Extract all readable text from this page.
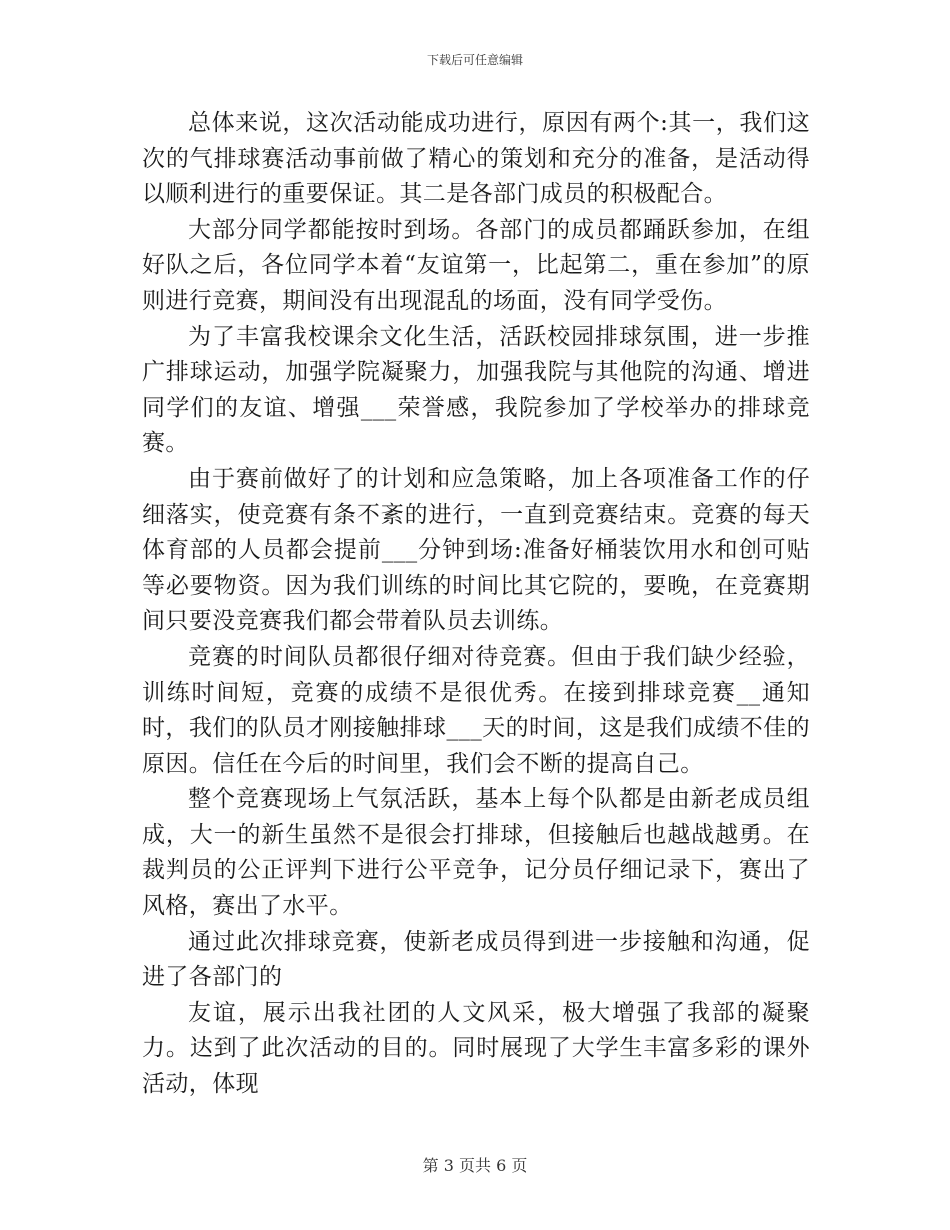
下载后可任意编辑

总体来说，这次活动能成功进行，原因有两个:其一，我们这次的气排球赛活动事前做了精心的策划和充分的准备，是活动得以顺利进行的重要保证。其二是各部门成员的积极配合。

大部分同学都能按时到场。各部门的成员都踊跃参加，在组好队之后，各位同学本着“友谊第一，比起第二，重在参加”的原则进行竞赛，期间没有出现混乱的场面，没有同学受伤。

为了丰富我校课余文化生活，活跃校园排球氛围，进一步推广排球运动，加强学院凝聚力，加强我院与其他院的沟通、增进同学们的友谊、增强___荣誉感，我院参加了学校举办的排球竞赛。

由于赛前做好了的计划和应急策略，加上各项准备工作的仔细落实，使竞赛有条不紊的进行，一直到竞赛结束。竞赛的每天体育部的人员都会提前___分钟到场:准备好桶装饮用水和创可贴等必要物资。因为我们训练的时间比其它院的，要晚，在竞赛期间只要没竞赛我们都会带着队员去训练。

竞赛的时间队员都很仔细对待竞赛。但由于我们缺少经验，训练时间短，竞赛的成绩不是很优秀。在接到排球竞赛__通知时，我们的队员才刚接触排球___天的时间，这是我们成绩不佳的原因。信任在今后的时间里，我们会不断的提高自己。

整个竞赛现场上气氛活跃，基本上每个队都是由新老成员组成，大一的新生虽然不是很会打排球，但接触后也越战越勇。在裁判员的公正评判下进行公平竞争，记分员仔细记录下，赛出了风格，赛出了水平。

通过此次排球竞赛，使新老成员得到进一步接触和沟通，促进了各部门的

友谊，展示出我社团的人文风采，极大增强了我部的凝聚力。达到了此次活动的目的。同时展现了大学生丰富多彩的课外活动，体现

第 3 页共 6 页
